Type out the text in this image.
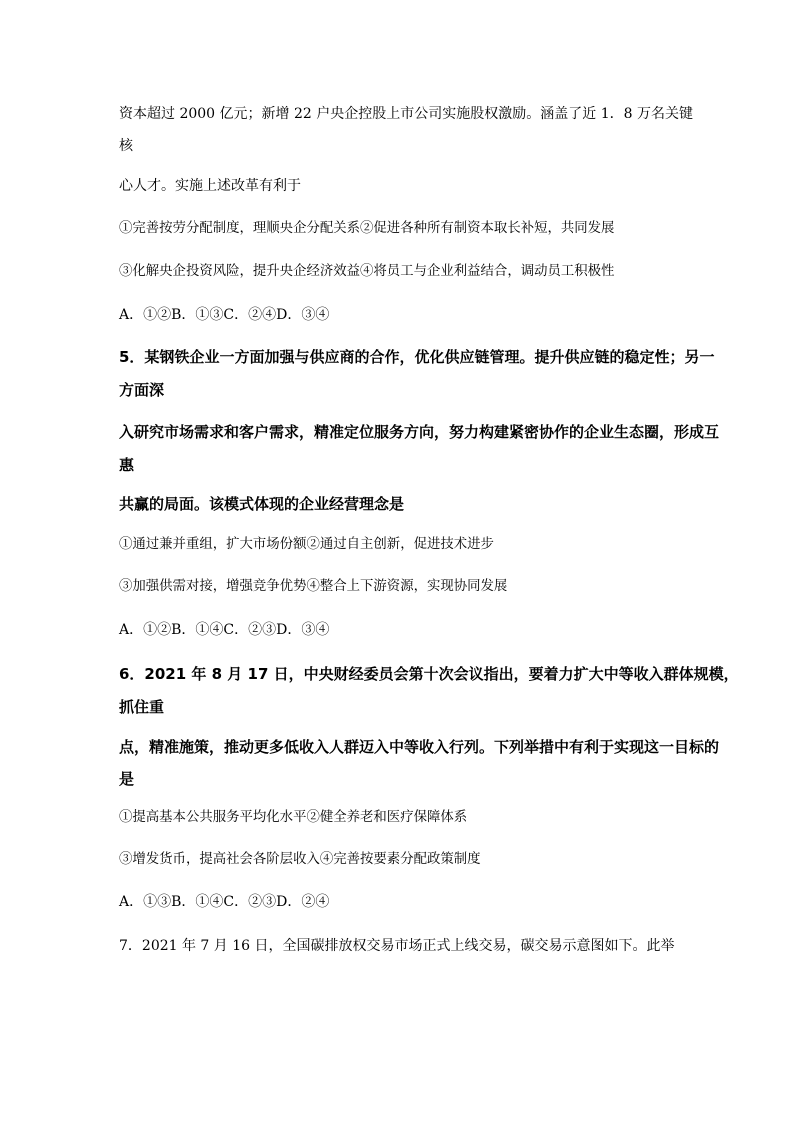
资本超过 2000 亿元；新增 22 户央企控股上市公司实施股权激励。涵盖了近 1．8 万名关键
核
心人才。实施上述改革有利于
①完善按劳分配制度，理顺央企分配关系②促进各种所有制资本取长补短，共同发展
③化解央企投资风险，提升央企经济效益④将员工与企业利益结合，调动员工积极性
A．①②B．①③C．②④D．③④
5．某钢铁企业一方面加强与供应商的合作，优化供应链管理。提升供应链的稳定性；另一
方面深
入研究市场需求和客户需求，精准定位服务方向，努力构建紧密协作的企业生态圈，形成互
惠
共赢的局面。该模式体现的企业经营理念是
①通过兼并重组，扩大市场份额②通过自主创新，促进技术进步
③加强供需对接，增强竞争优势④整合上下游资源，实现协同发展
A．①②B．①④C．②③D．③④
6．2021 年 8 月 17 日，中央财经委员会第十次会议指出，要着力扩大中等收入群体规模，
抓住重
点，精准施策，推动更多低收入人群迈入中等收入行列。下列举措中有利于实现这一目标的
是
①提高基本公共服务平均化水平②健全养老和医疗保障体系
③增发货币，提高社会各阶层收入④完善按要素分配政策制度
A．①③B．①④C．②③D．②④
7．2021 年 7 月 16 日，全国碳排放权交易市场正式上线交易，碳交易示意图如下。此举
